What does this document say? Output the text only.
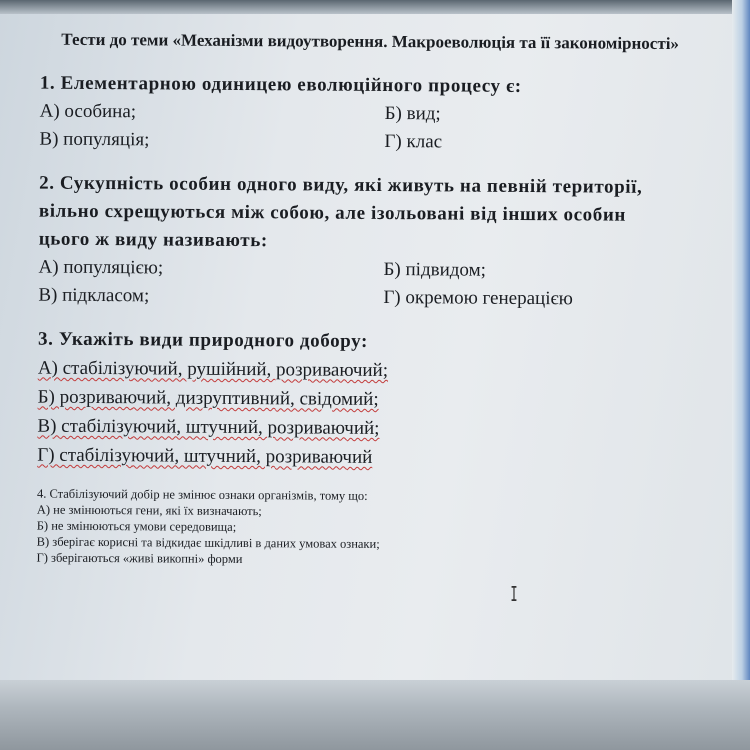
Тести до теми «Механізми видоутворення. Макроеволюція та її закономірності»
1. Елементарною одиницею еволюційного процесу є:
А) особина;	Б) вид;
В) популяція;	Г) клас
2. Сукупність особин одного виду, які живуть на певній території, вільно схрещуються між собою, але ізольовані від інших особин цього ж виду називають:
А) популяцією;	Б) підвидом;
В) підкласом;	Г) окремою генерацією
3. Укажіть види природного добору:
А) стабілізуючий, рушійний, розриваючий;
Б) розриваючий, дизруптивний, свідомий;
В) стабілізуючий, штучний, розриваючий;
Г) стабілізуючий, штучний, розриваючий
4. Стабілізуючий добір не змінює ознаки організмів, тому що:
А) не змінюються гени, які їх визначають;
Б) не змінюються умови середовища;
В) зберігає корисні та відкидає шкідливі в даних умовах ознаки;
Г) зберігаються «живі викопні» форми
I
